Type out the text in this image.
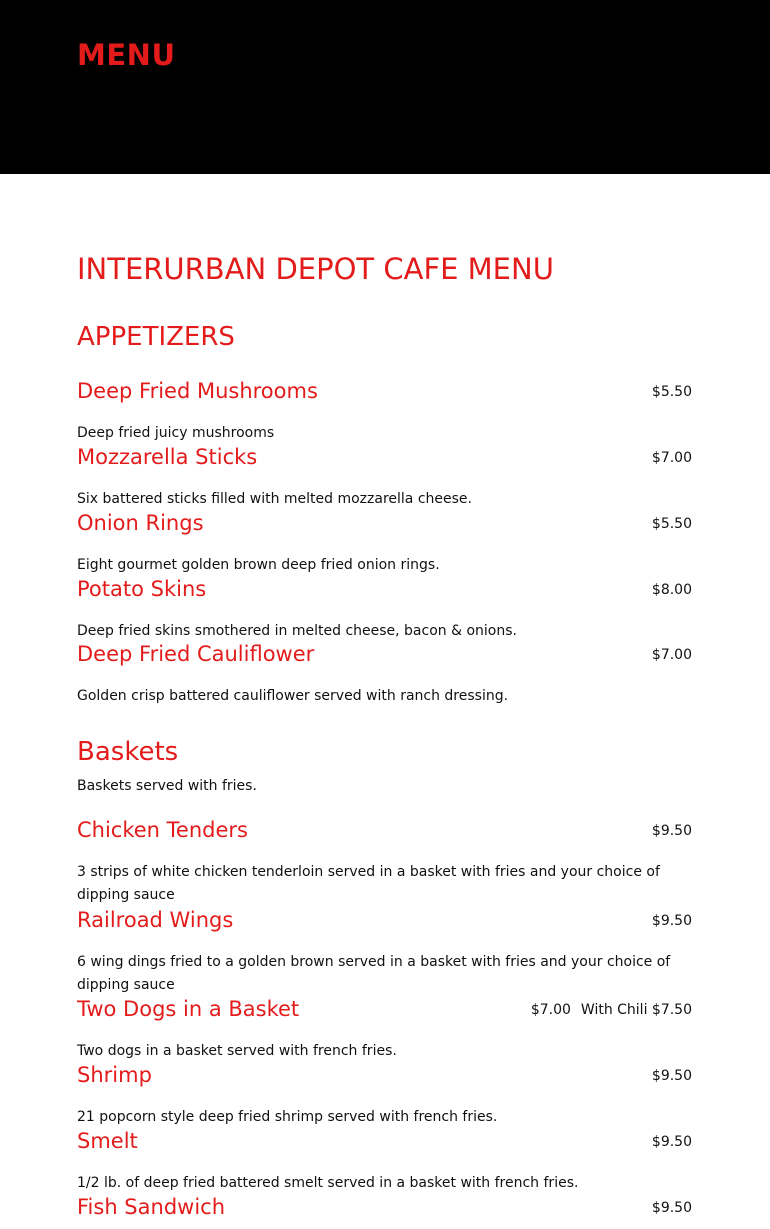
MENU
INTERURBAN DEPOT CAFE MENU
APPETIZERS
Deep Fried Mushrooms	$5.50
Deep fried juicy mushrooms
Mozzarella Sticks	$7.00
Six battered sticks filled with melted mozzarella cheese.
Onion Rings	$5.50
Eight gourmet golden brown deep fried onion rings.
Potato Skins	$8.00
Deep fried skins smothered in melted cheese, bacon & onions.
Deep Fried Cauliflower	$7.00
Golden crisp battered cauliflower served with ranch dressing.
Baskets
Baskets served with fries.
Chicken Tenders	$9.50
3 strips of white chicken tenderloin served in a basket with fries and your choice of dipping sauce
Railroad Wings	$9.50
6 wing dings fried to a golden brown served in a basket with fries and your choice of dipping sauce
Two Dogs in a Basket	$7.00 With Chili $7.50
Two dogs in a basket served with french fries.
Shrimp	$9.50
21 popcorn style deep fried shrimp served with french fries.
Smelt	$9.50
1/2 lb. of deep fried battered smelt served in a basket with french fries.
Fish Sandwich	$9.50
